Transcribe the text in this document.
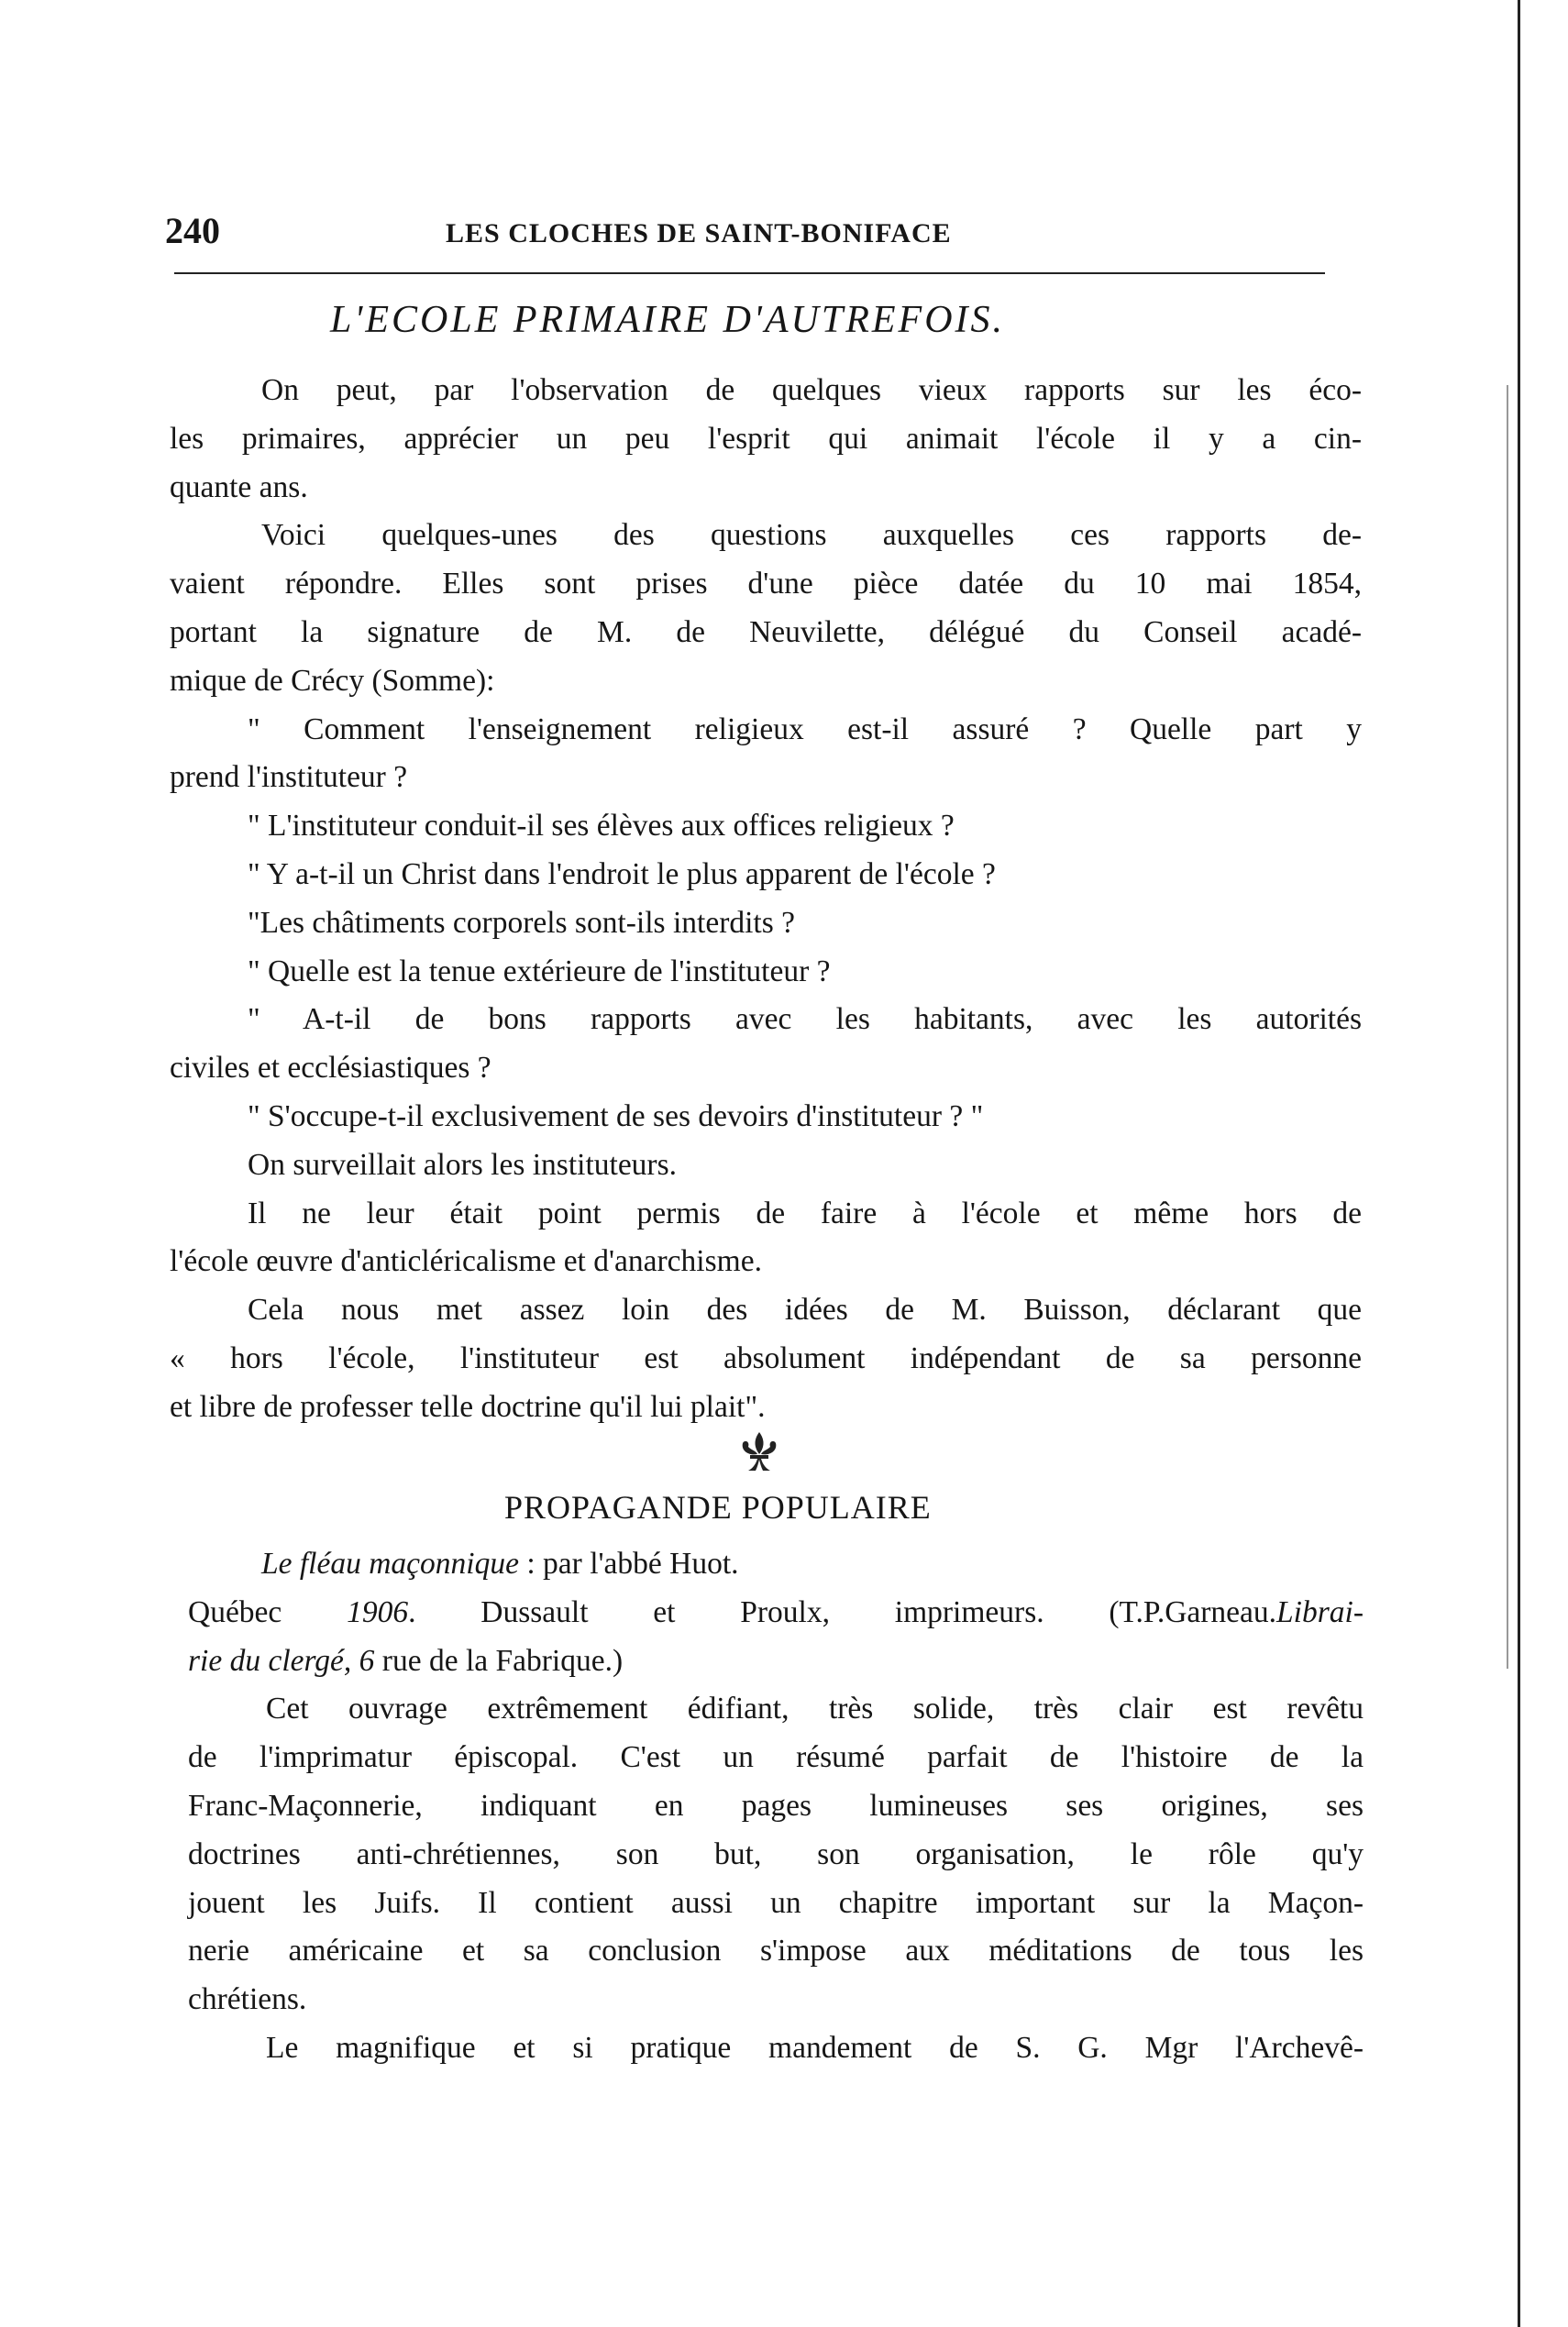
240	LES CLOCHES DE SAINT-BONIFACE
L'ECOLE PRIMAIRE D'AUTREFOIS.
On peut, par l'observation de quelques vieux rapports sur les éco-
les primaires, apprécier un peu l'esprit qui animait l'école il y a cin-
quante ans.
Voici quelques-unes des questions auxquelles ces rapports de-
vaient répondre. Elles sont prises d'une pièce datée du 10 mai 1854,
portant la signature de M. de Neuvilette, délégué du Conseil acadé-
mique de Crécy (Somme):
" Comment l'enseignement religieux est-il assuré ? Quelle part y
prend l'instituteur ?
" L'instituteur conduit-il ses élèves aux offices religieux ?
" Y a-t-il un Christ dans l'endroit le plus apparent de l'école ?
"Les châtiments corporels sont-ils interdits ?
" Quelle est la tenue extérieure de l'instituteur ?
" A-t-il de bons rapports avec les habitants, avec les autorités
civiles et ecclésiastiques ?
" S'occupe-t-il exclusivement de ses devoirs d'instituteur ? "
On surveillait alors les instituteurs.
Il ne leur était point permis de faire à l'école et même hors de
l'école œuvre d'anticléricalisme et d'anarchisme.
Cela nous met assez loin des idées de M. Buisson, déclarant que
« hors l'école, l'instituteur est absolument indépendant de sa personne
et libre de professer telle doctrine qu'il lui plait".
PROPAGANDE POPULAIRE
Le fléau maçonnique : par l'abbé Huot.
Québec 1906. Dussault et Proulx, imprimeurs. (T.P.Garneau.Librai-
rie du clergé, 6 rue de la Fabrique.)
Cet ouvrage extrêmement édifiant, très solide, très clair est revêtu
de l'imprimatur épiscopal. C'est un résumé parfait de l'histoire de la
Franc-Maçonnerie, indiquant en pages lumineuses ses origines, ses
doctrines anti-chrétiennes, son but, son organisation, le rôle qu'y
jouent les Juifs. Il contient aussi un chapitre important sur la Maçon-
nerie américaine et sa conclusion s'impose aux méditations de tous les
chrétiens.
Le magnifique et si pratique mandement de S. G. Mgr l'Archevê-
